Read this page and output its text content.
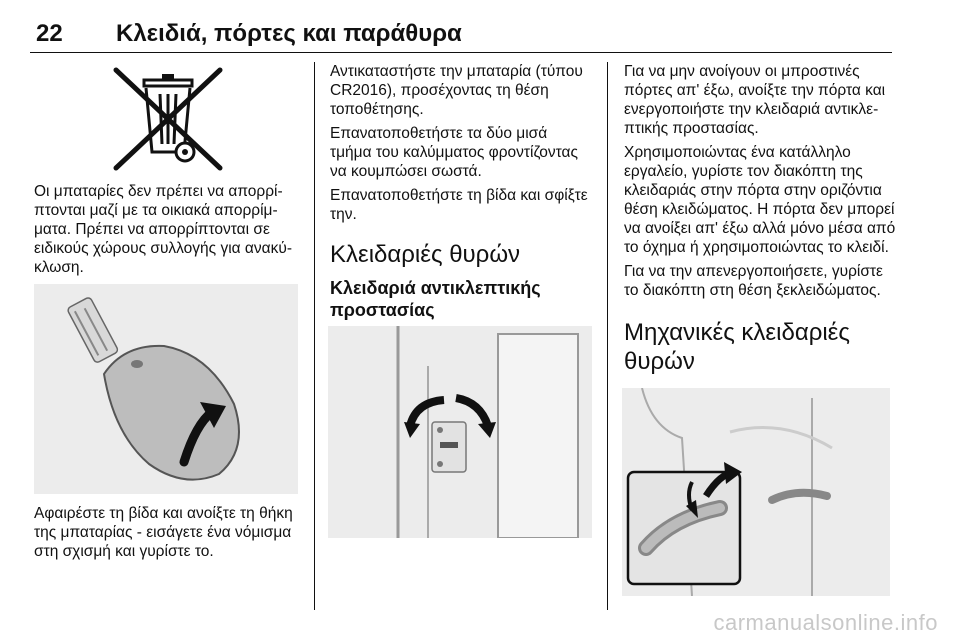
22 Κλειδιά, πόρτες και παράθυρα

Οι μπαταρίες δεν πρέπει να απορρίπτονται μαζί με τα οικιακά απορρίμματα. Πρέπει να απορρίπτονται σε ειδικούς χώρους συλλογής για ανακύκλωση.

Αφαιρέστε τη βίδα και ανοίξτε τη θήκη της μπαταρίας - εισάγετε ένα νόμισμα στη σχισμή και γυρίστε το.

Αντικαταστήστε την μπαταρία (τύπου CR2016), προσέχοντας τη θέση τοποθέτησης.

Επανατοποθετήστε τα δύο μισά τμήμα του καλύμματος φροντίζοντας να κουμπώσει σωστά.

Επανατοποθετήστε τη βίδα και σφίξτε την.

Κλειδαριές θυρών
Κλειδαριά αντικλεπτικής προστασίας

Για να μην ανοίγουν οι μπροστινές πόρτες απ' έξω, ανοίξτε την πόρτα και ενεργοποιήστε την κλειδαριά αντικλεπτικής προστασίας.

Χρησιμοποιώντας ένα κατάλληλο εργαλείο, γυρίστε τον διακόπτη της κλειδαριάς στην πόρτα στην οριζόντια θέση κλειδώματος. Η πόρτα δεν μπορεί να ανοίξει απ' έξω αλλά μόνο μέσα από το όχημα ή χρησιμοποιώντας το κλειδί.

Για να την απενεργοποιήσετε, γυρίστε το διακόπτη στη θέση ξεκλειδώματος.

Μηχανικές κλειδαριές θυρών
carmanualsonline.info
